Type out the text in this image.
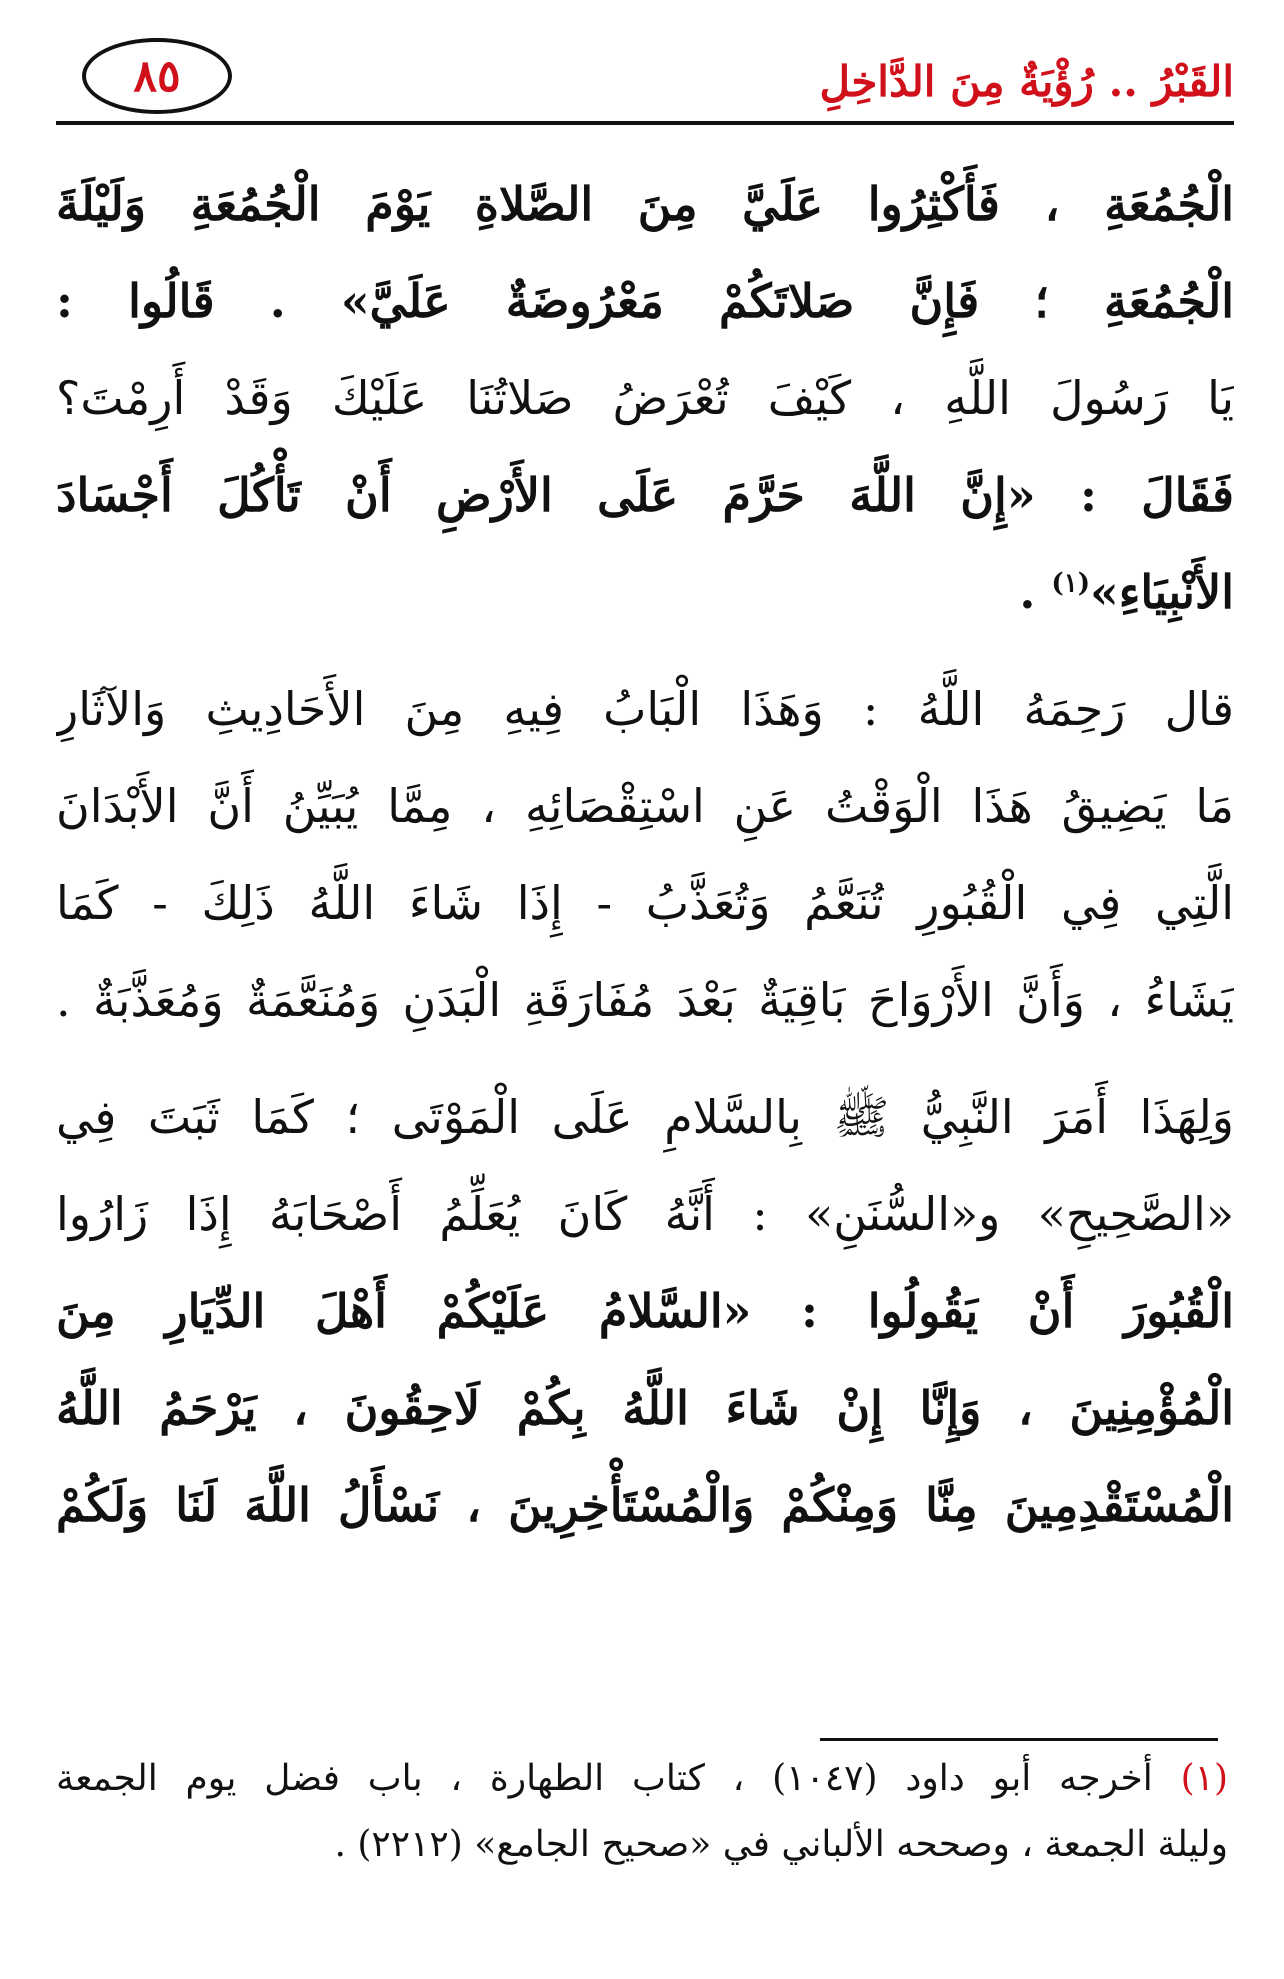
القَبْرُ .. رُؤْيَةٌ مِنَ الدَّاخِلِ
٨٥
الْجُمُعَةِ ، فَأَكْثِرُوا عَلَيَّ مِنَ الصَّلاةِ يَوْمَ الْجُمُعَةِ وَلَيْلَةَ
الْجُمُعَةِ ؛ فَإِنَّ صَلاتَكُمْ مَعْرُوضَةٌ عَلَيَّ» . قَالُوا :
يَا رَسُولَ اللَّهِ ، كَيْفَ تُعْرَضُ صَلاتُنَا عَلَيْكَ وَقَدْ أَرِمْتَ؟
فَقَالَ : «إِنَّ اللَّهَ حَرَّمَ عَلَى الأَرْضِ أَنْ تَأْكُلَ أَجْسَادَ
الأَنْبِيَاءِ»$^{(١)}$ .
قال رَحِمَهُ اللَّهُ : وَهَذَا الْبَابُ فِيهِ مِنَ الأَحَادِيثِ وَالآثَارِ
مَا يَضِيقُ هَذَا الْوَقْتُ عَنِ اسْتِقْصَائِهِ ، مِمَّا يُبَيِّنُ أَنَّ الأَبْدَانَ
الَّتِي فِي الْقُبُورِ تُنَعَّمُ وَتُعَذَّبُ - إِذَا شَاءَ اللَّهُ ذَلِكَ - كَمَا
يَشَاءُ ، وَأَنَّ الأَرْوَاحَ بَاقِيَةٌ بَعْدَ مُفَارَقَةِ الْبَدَنِ وَمُنَعَّمَةٌ وَمُعَذَّبَةٌ .
وَلِهَذَا أَمَرَ النَّبِيُّ ﷺ بِالسَّلامِ عَلَى الْمَوْتَى ؛ كَمَا ثَبَتَ فِي
«الصَّحِيحِ» و«السُّنَنِ» : أَنَّهُ كَانَ يُعَلِّمُ أَصْحَابَهُ إِذَا زَارُوا
الْقُبُورَ أَنْ يَقُولُوا : «السَّلامُ عَلَيْكُمْ أَهْلَ الدِّيَارِ مِنَ
الْمُؤْمِنِينَ ، وَإِنَّا إِنْ شَاءَ اللَّهُ بِكُمْ لَاحِقُونَ ، يَرْحَمُ اللَّهُ
الْمُسْتَقْدِمِينَ مِنَّا وَمِنْكُمْ وَالْمُسْتَأْخِرِينَ ، نَسْأَلُ اللَّهَ لَنَا وَلَكُمْ
(١) أخرجه أبو داود (١٠٤٧) ، كتاب الطهارة ، باب فضل يوم الجمعة
وليلة الجمعة ، وصححه الألباني في «صحيح الجامع» (٢٢١٢) .
